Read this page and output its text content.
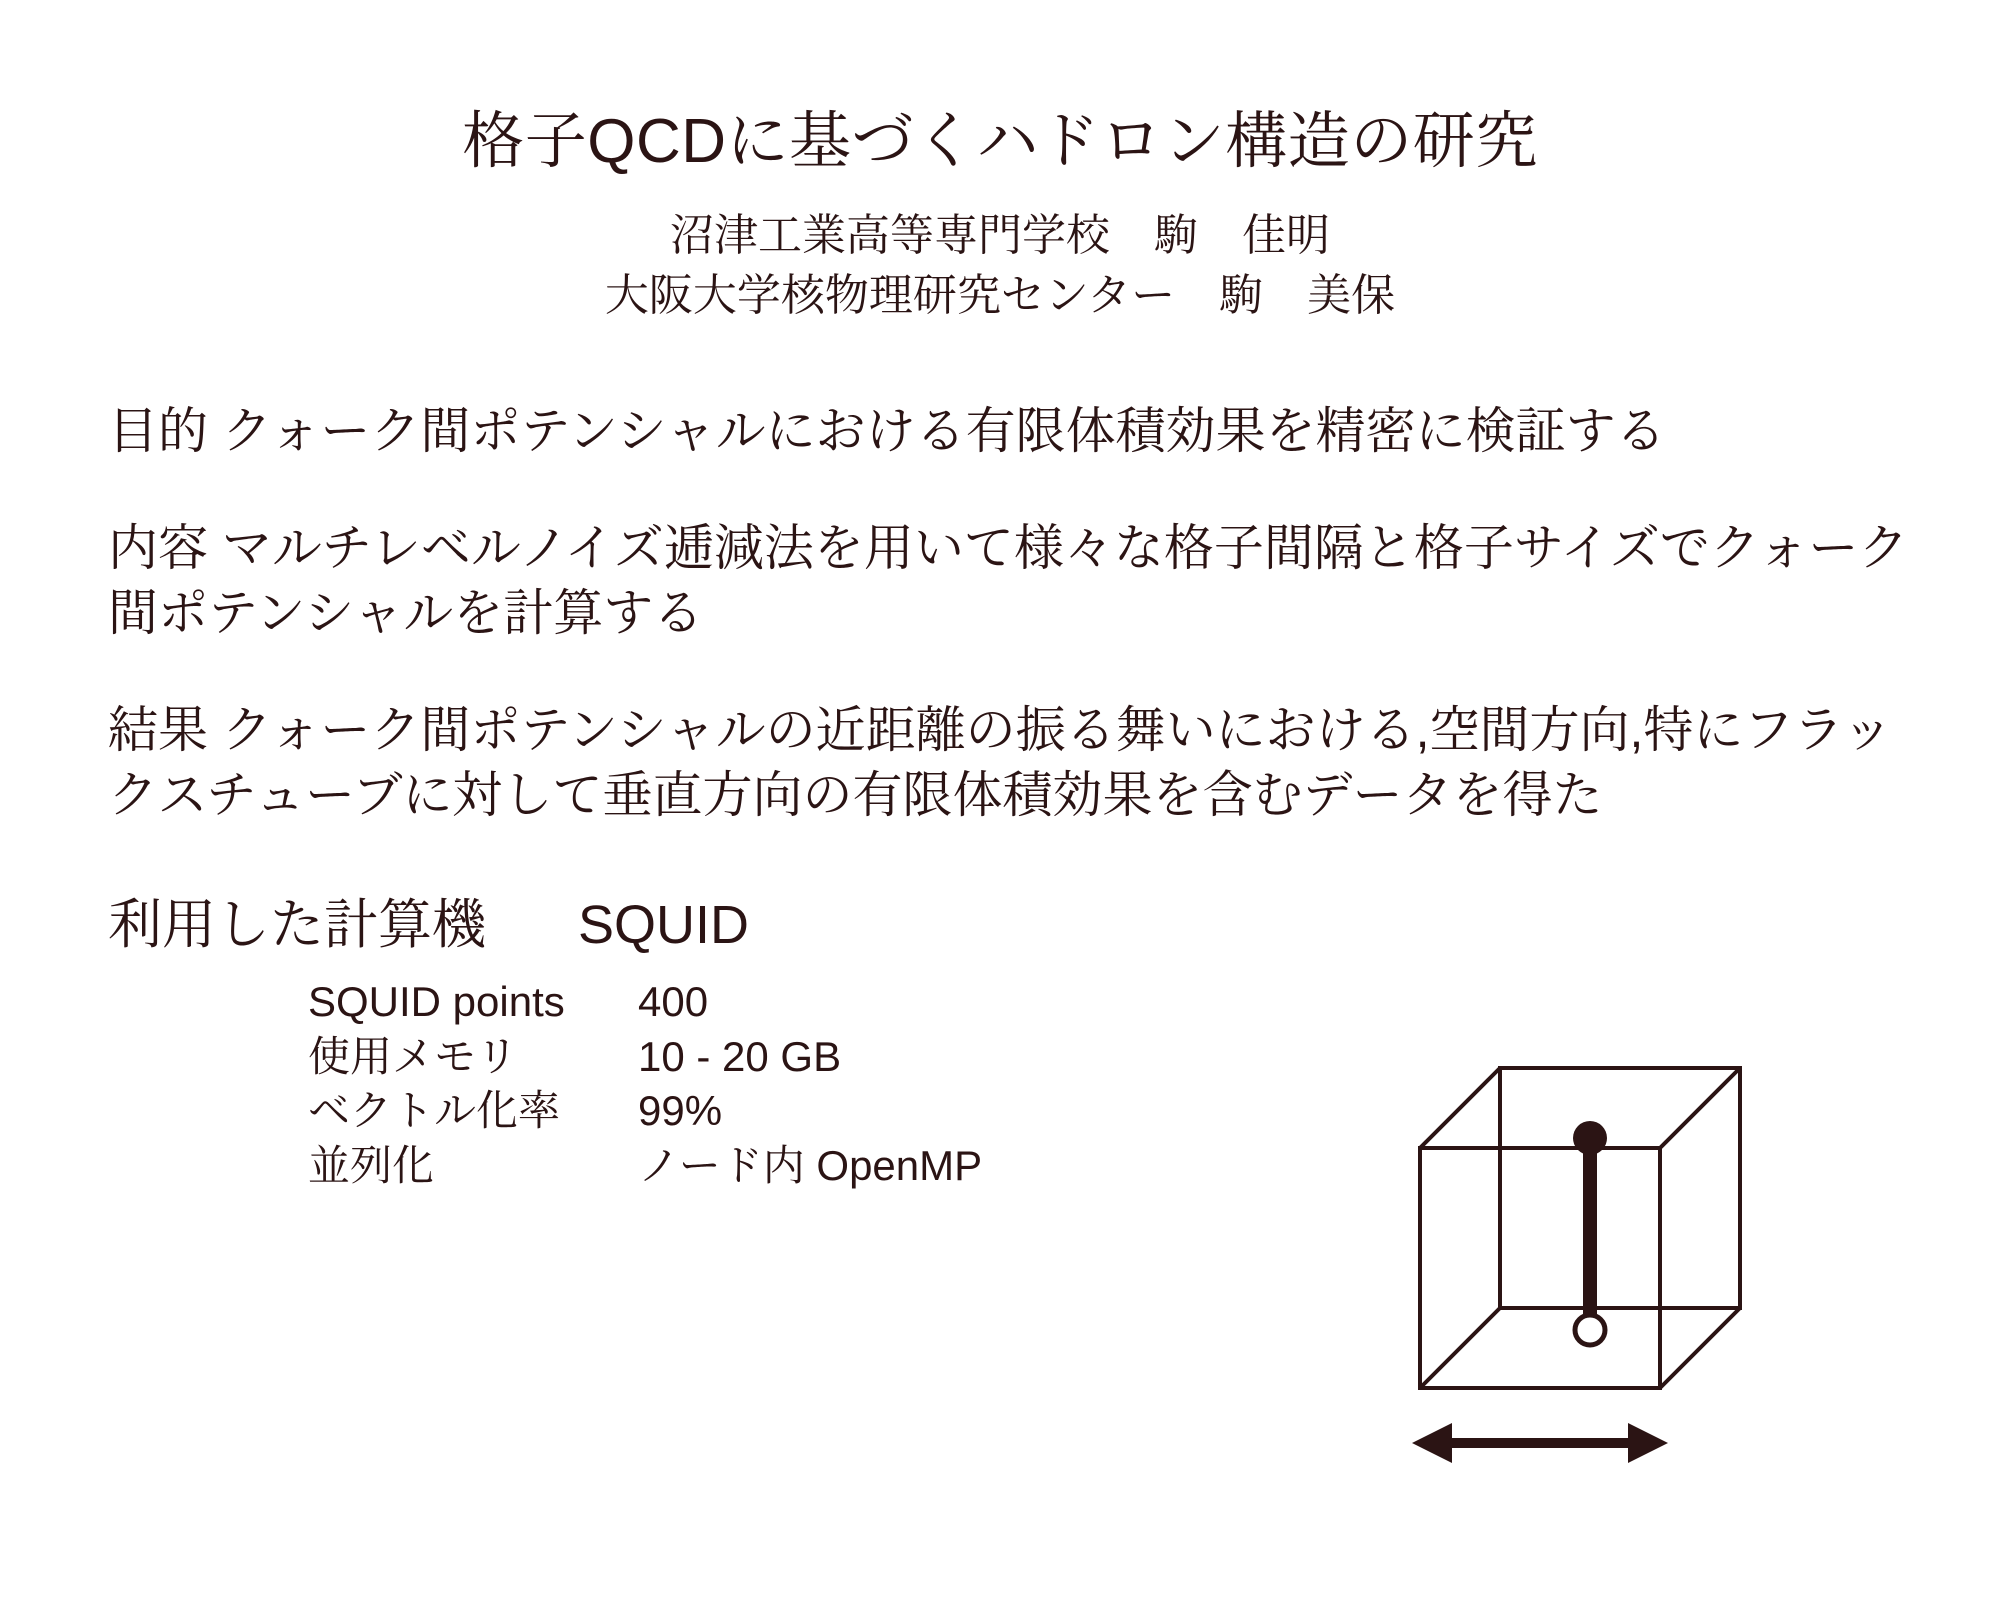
格子QCDに基づくハドロン構造の研究
沼津工業高等専門学校　駒　佳明
大阪大学核物理研究センター　駒　美保
目的 クォーク間ポテンシャルにおける有限体積効果を精密に検証する
内容 マルチレベルノイズ逓減法を用いて様々な格子間隔と格子サイズでクォーク間ポテンシャルを計算する
結果 クォーク間ポテンシャルの近距離の振る舞いにおける,空間方向,特にフラックスチューブに対して垂直方向の有限体積効果を含むデータを得た
利用した計算機	SQUID
SQUID points	400
使用メモリ	10 - 20 GB
ベクトル化率	99%
並列化	ノード内 OpenMP
